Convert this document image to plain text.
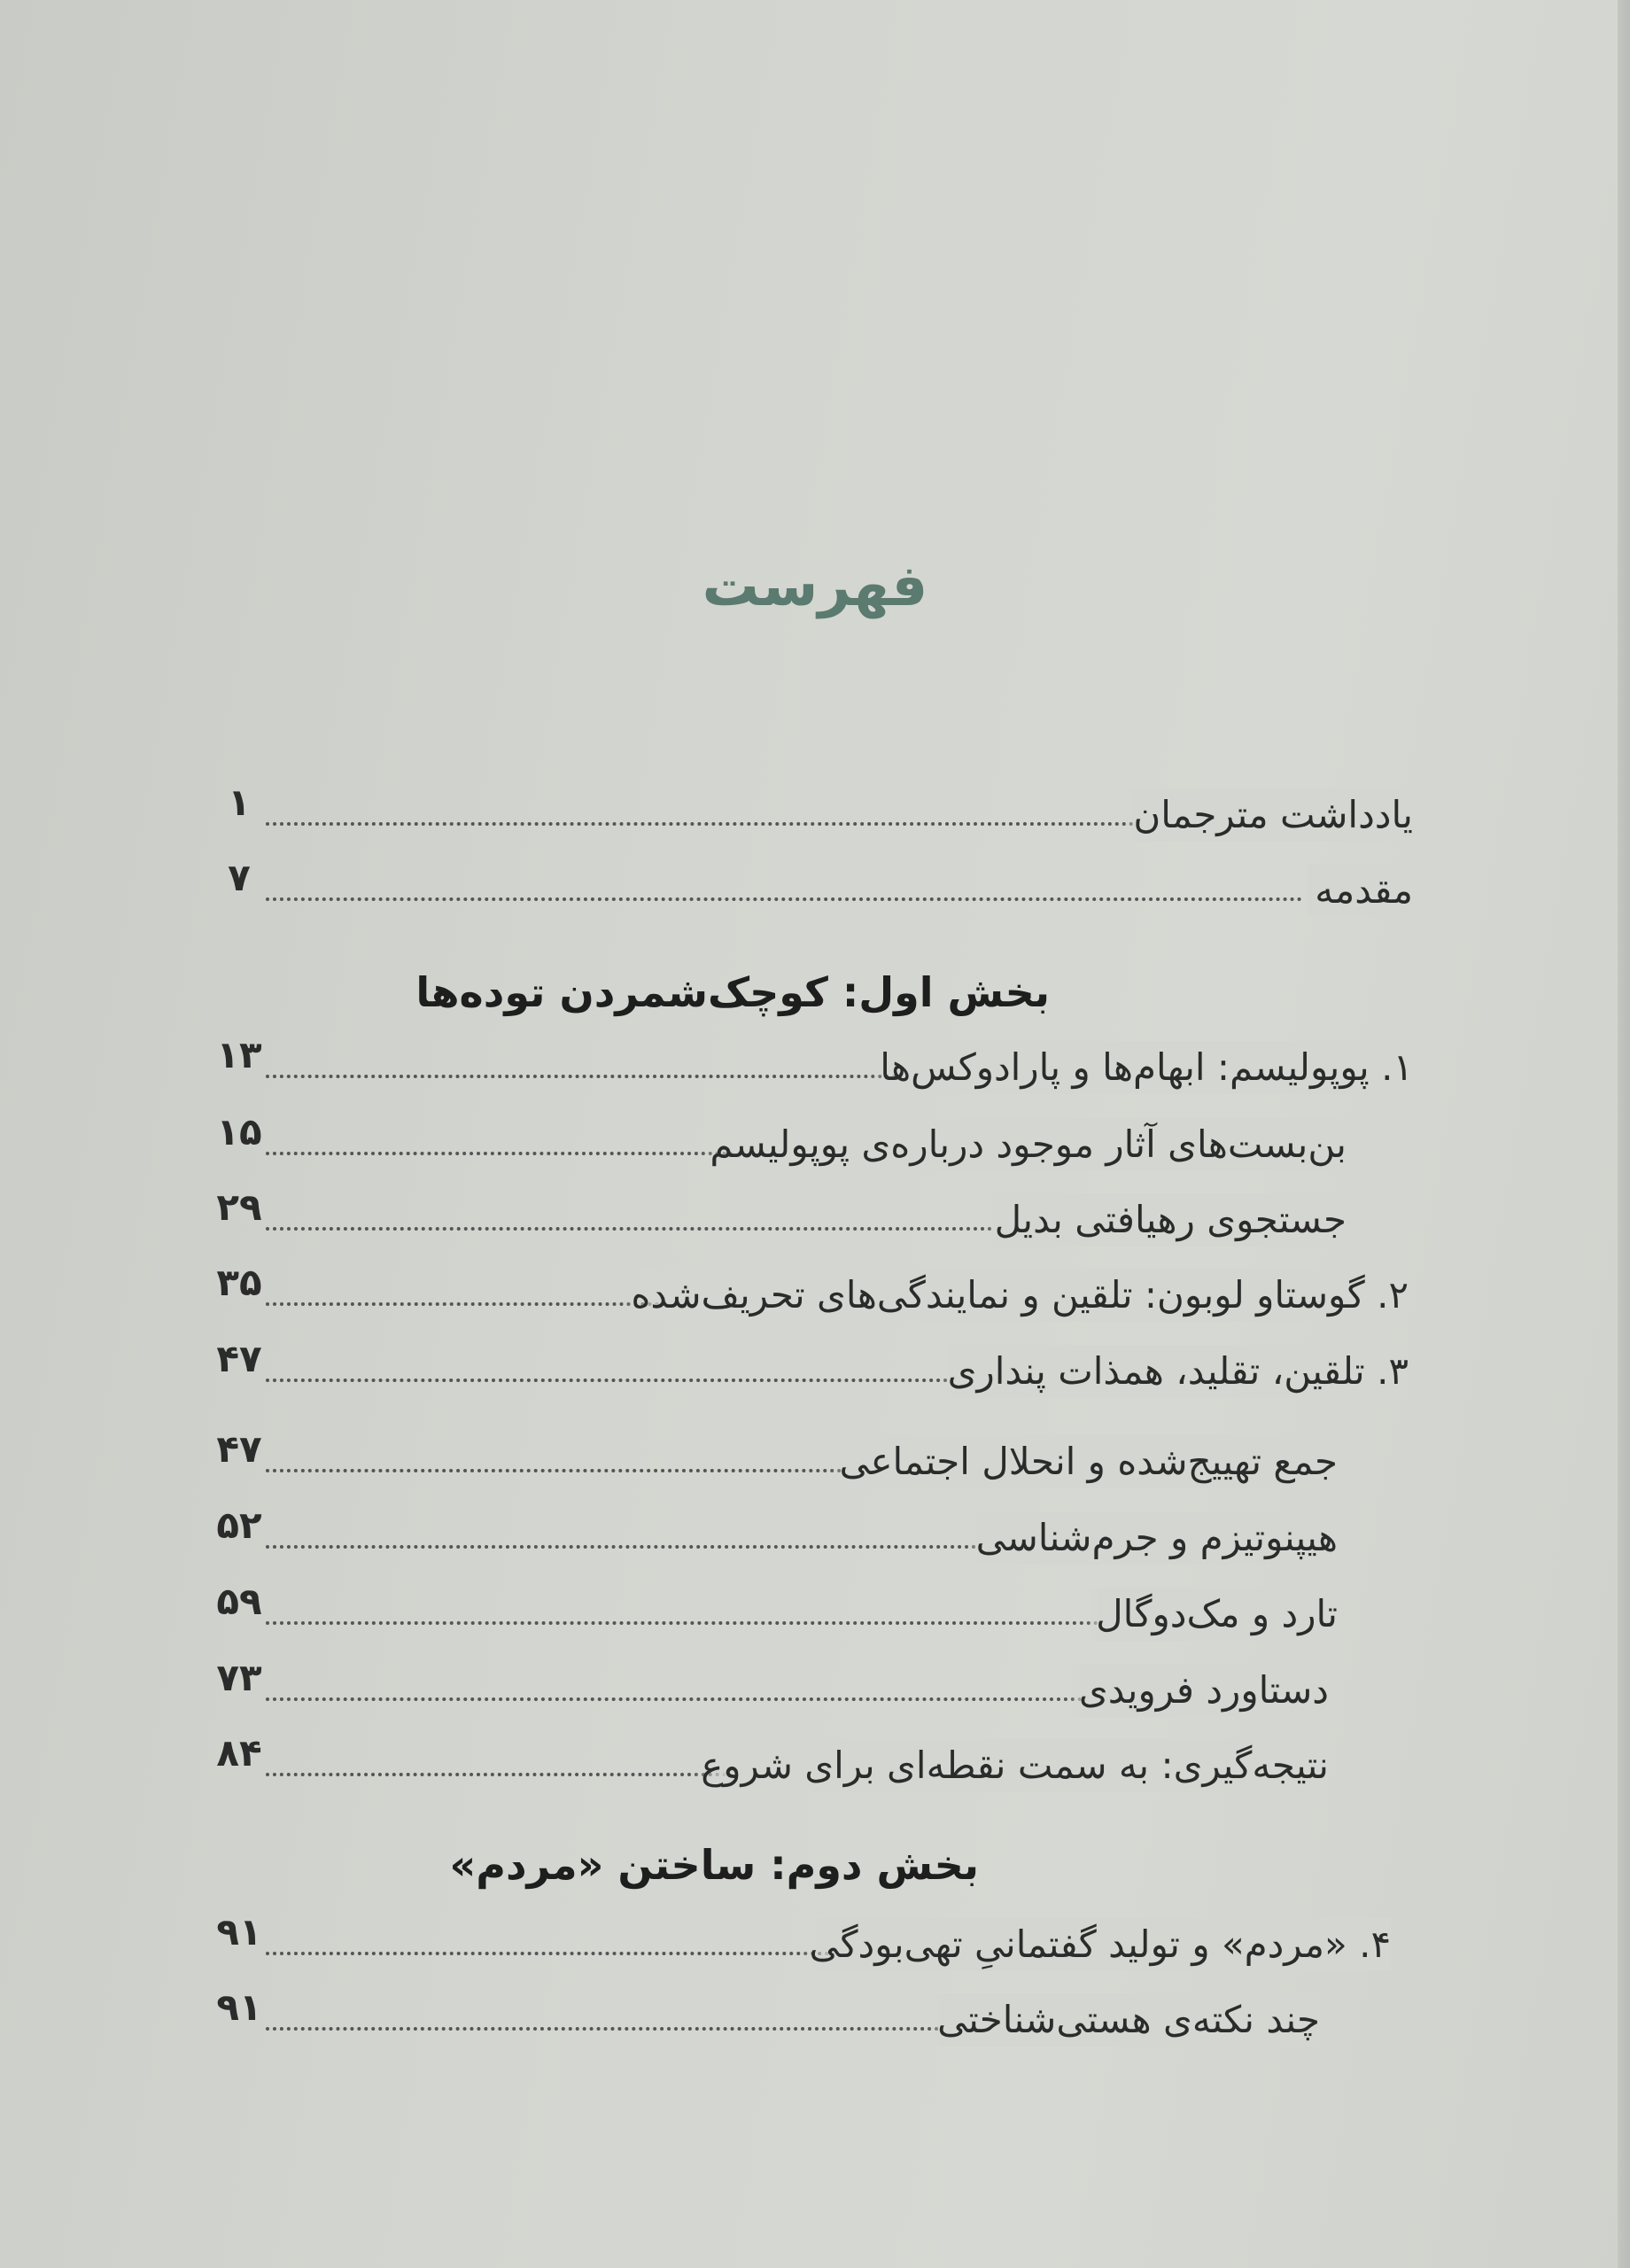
فهرست
۱	یادداشت مترجمان
۷	مقدمه
بخش اول: کوچک‌شمردن توده‌ها
۱۳	۱. پوپولیسم: ابهام‌ها و پارادوکس‌ها
۱۵	بن‌بست‌های آثار موجود درباره‌ی پوپولیسم
۲۹	جستجوی رهیافتی بدیل
۳۵	۲. گوستاو لوبون: تلقین و نمایندگی‌های تحریف‌شده
۴۷	۳. تلقین، تقلید، همذات پنداری
۴۷	جمع تهییج‌شده و انحلال اجتماعی
۵۲	هیپنوتیزم و جرم‌شناسی
۵۹	تارد و مک‌دوگال
۷۳	دستاورد فرویدی
۸۴	نتیجه‌گیری: به سمت نقطه‌ای برای شروع
بخش دوم: ساختن «مردم»
۹۱	۴. «مردم» و تولید گفتمانیِ تهی‌بودگی
۹۱	چند نکته‌ی هستی‌شناختی
